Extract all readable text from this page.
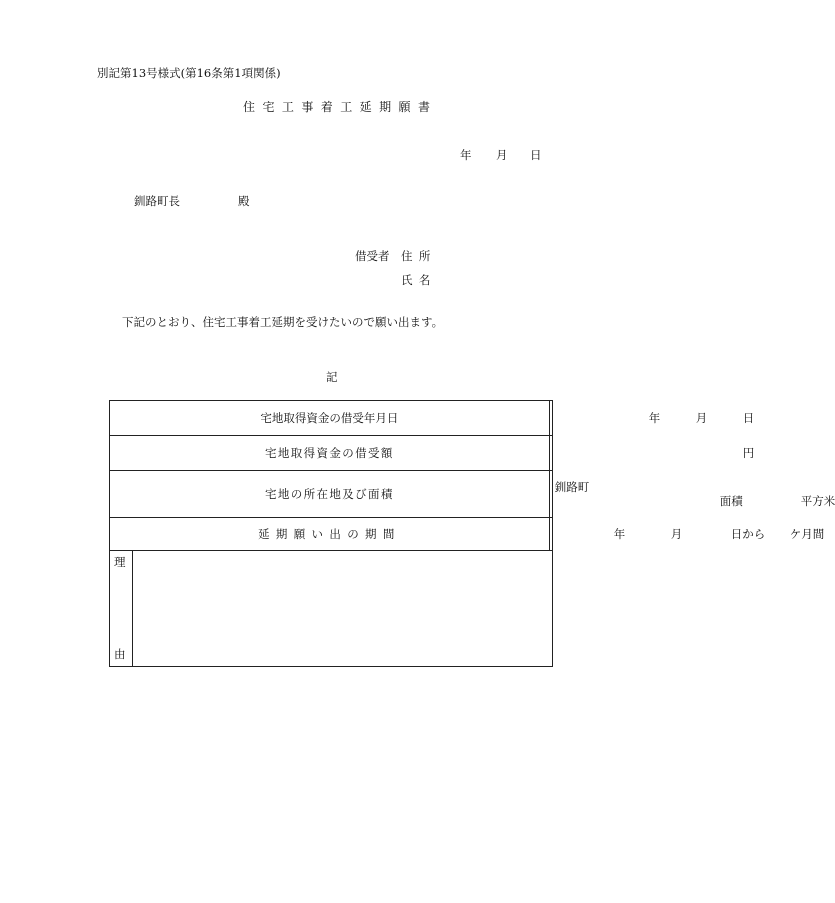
別記第13号様式(第16条第1項関係)
住宅工事着工延期願書
年 月 日
釧路町長	殿
借受者 住所
氏名
下記のとおり、住宅工事着工延期を受けたいので願い出ます。
記
宅地取得資金の借受年月日		年 月 日

宅地取得資金の借受額		円

宅地の所在地及び面積		釧路町
面積 平方米

延期願い出の期間		年 月 日から ケ月間

理
由		
